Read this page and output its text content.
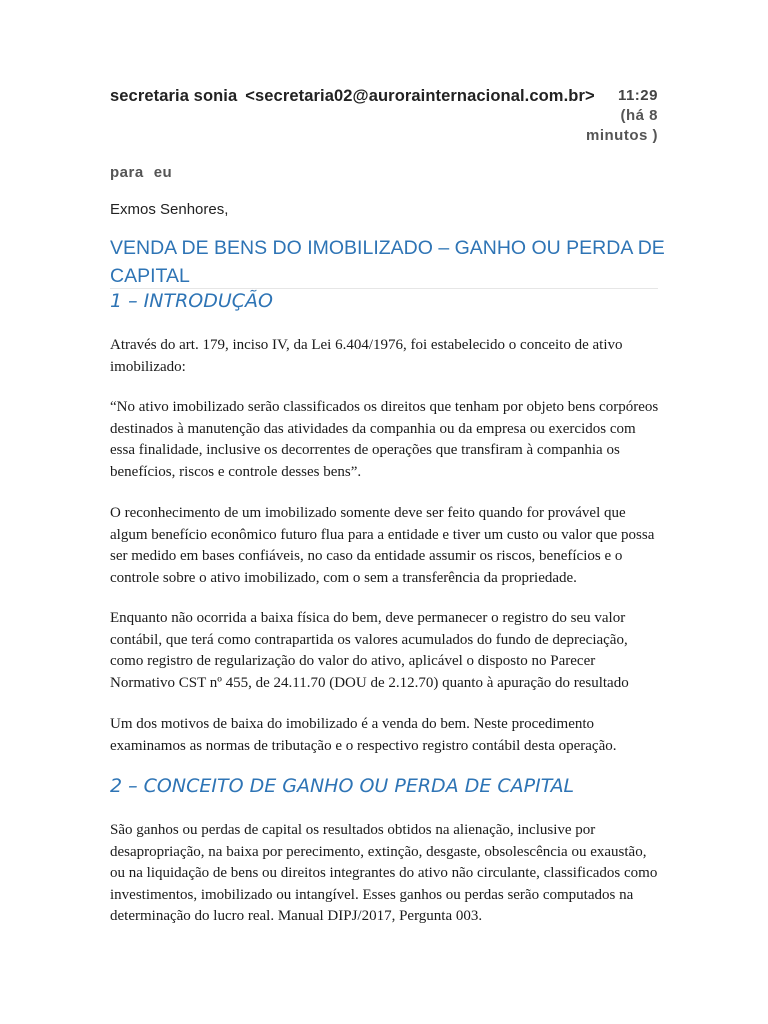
secretaria sonia <secretaria02@aurorainternacional.com.br>	11:29
(há 8 minutos )
para eu
Exmos Senhores,
VENDA DE BENS DO IMOBILIZADO – GANHO OU PERDA DE CAPITAL
1 – INTRODUÇÃO

Através do art. 179, inciso IV, da Lei 6.404/1976, foi estabelecido o conceito de ativo imobilizado:

“No ativo imobilizado serão classificados os direitos que tenham por objeto bens corpóreos destinados à manutenção das atividades da companhia ou da empresa ou exercidos com essa finalidade, inclusive os decorrentes de operações que transfiram à companhia os benefícios, riscos e controle desses bens”.

O reconhecimento de um imobilizado somente deve ser feito quando for provável que algum benefício econômico futuro flua para a entidade e tiver um custo ou valor que possa ser medido em bases confiáveis, no caso da entidade assumir os riscos, benefícios e o controle sobre o ativo imobilizado, com o sem a transferência da propriedade.

Enquanto não ocorrida a baixa física do bem, deve permanecer o registro do seu valor contábil, que terá como contrapartida os valores acumulados do fundo de depreciação, como registro de regularização do valor do ativo, aplicável o disposto no Parecer Normativo CST nº 455, de 24.11.70 (DOU de 2.12.70) quanto à apuração do resultado

Um dos motivos de baixa do imobilizado é a venda do bem. Neste procedimento examinamos as normas de tributação e o respectivo registro contábil desta operação.

2 – CONCEITO DE GANHO OU PERDA DE CAPITAL

São ganhos ou perdas de capital os resultados obtidos na alienação, inclusive por desapropriação, na baixa por perecimento, extinção, desgaste, obsolescência ou exaustão, ou na liquidação de bens ou direitos integrantes do ativo não circulante, classificados como investimentos, imobilizado ou intangível. Esses ganhos ou perdas serão computados na determinação do lucro real. Manual DIPJ/2017, Pergunta 003.
